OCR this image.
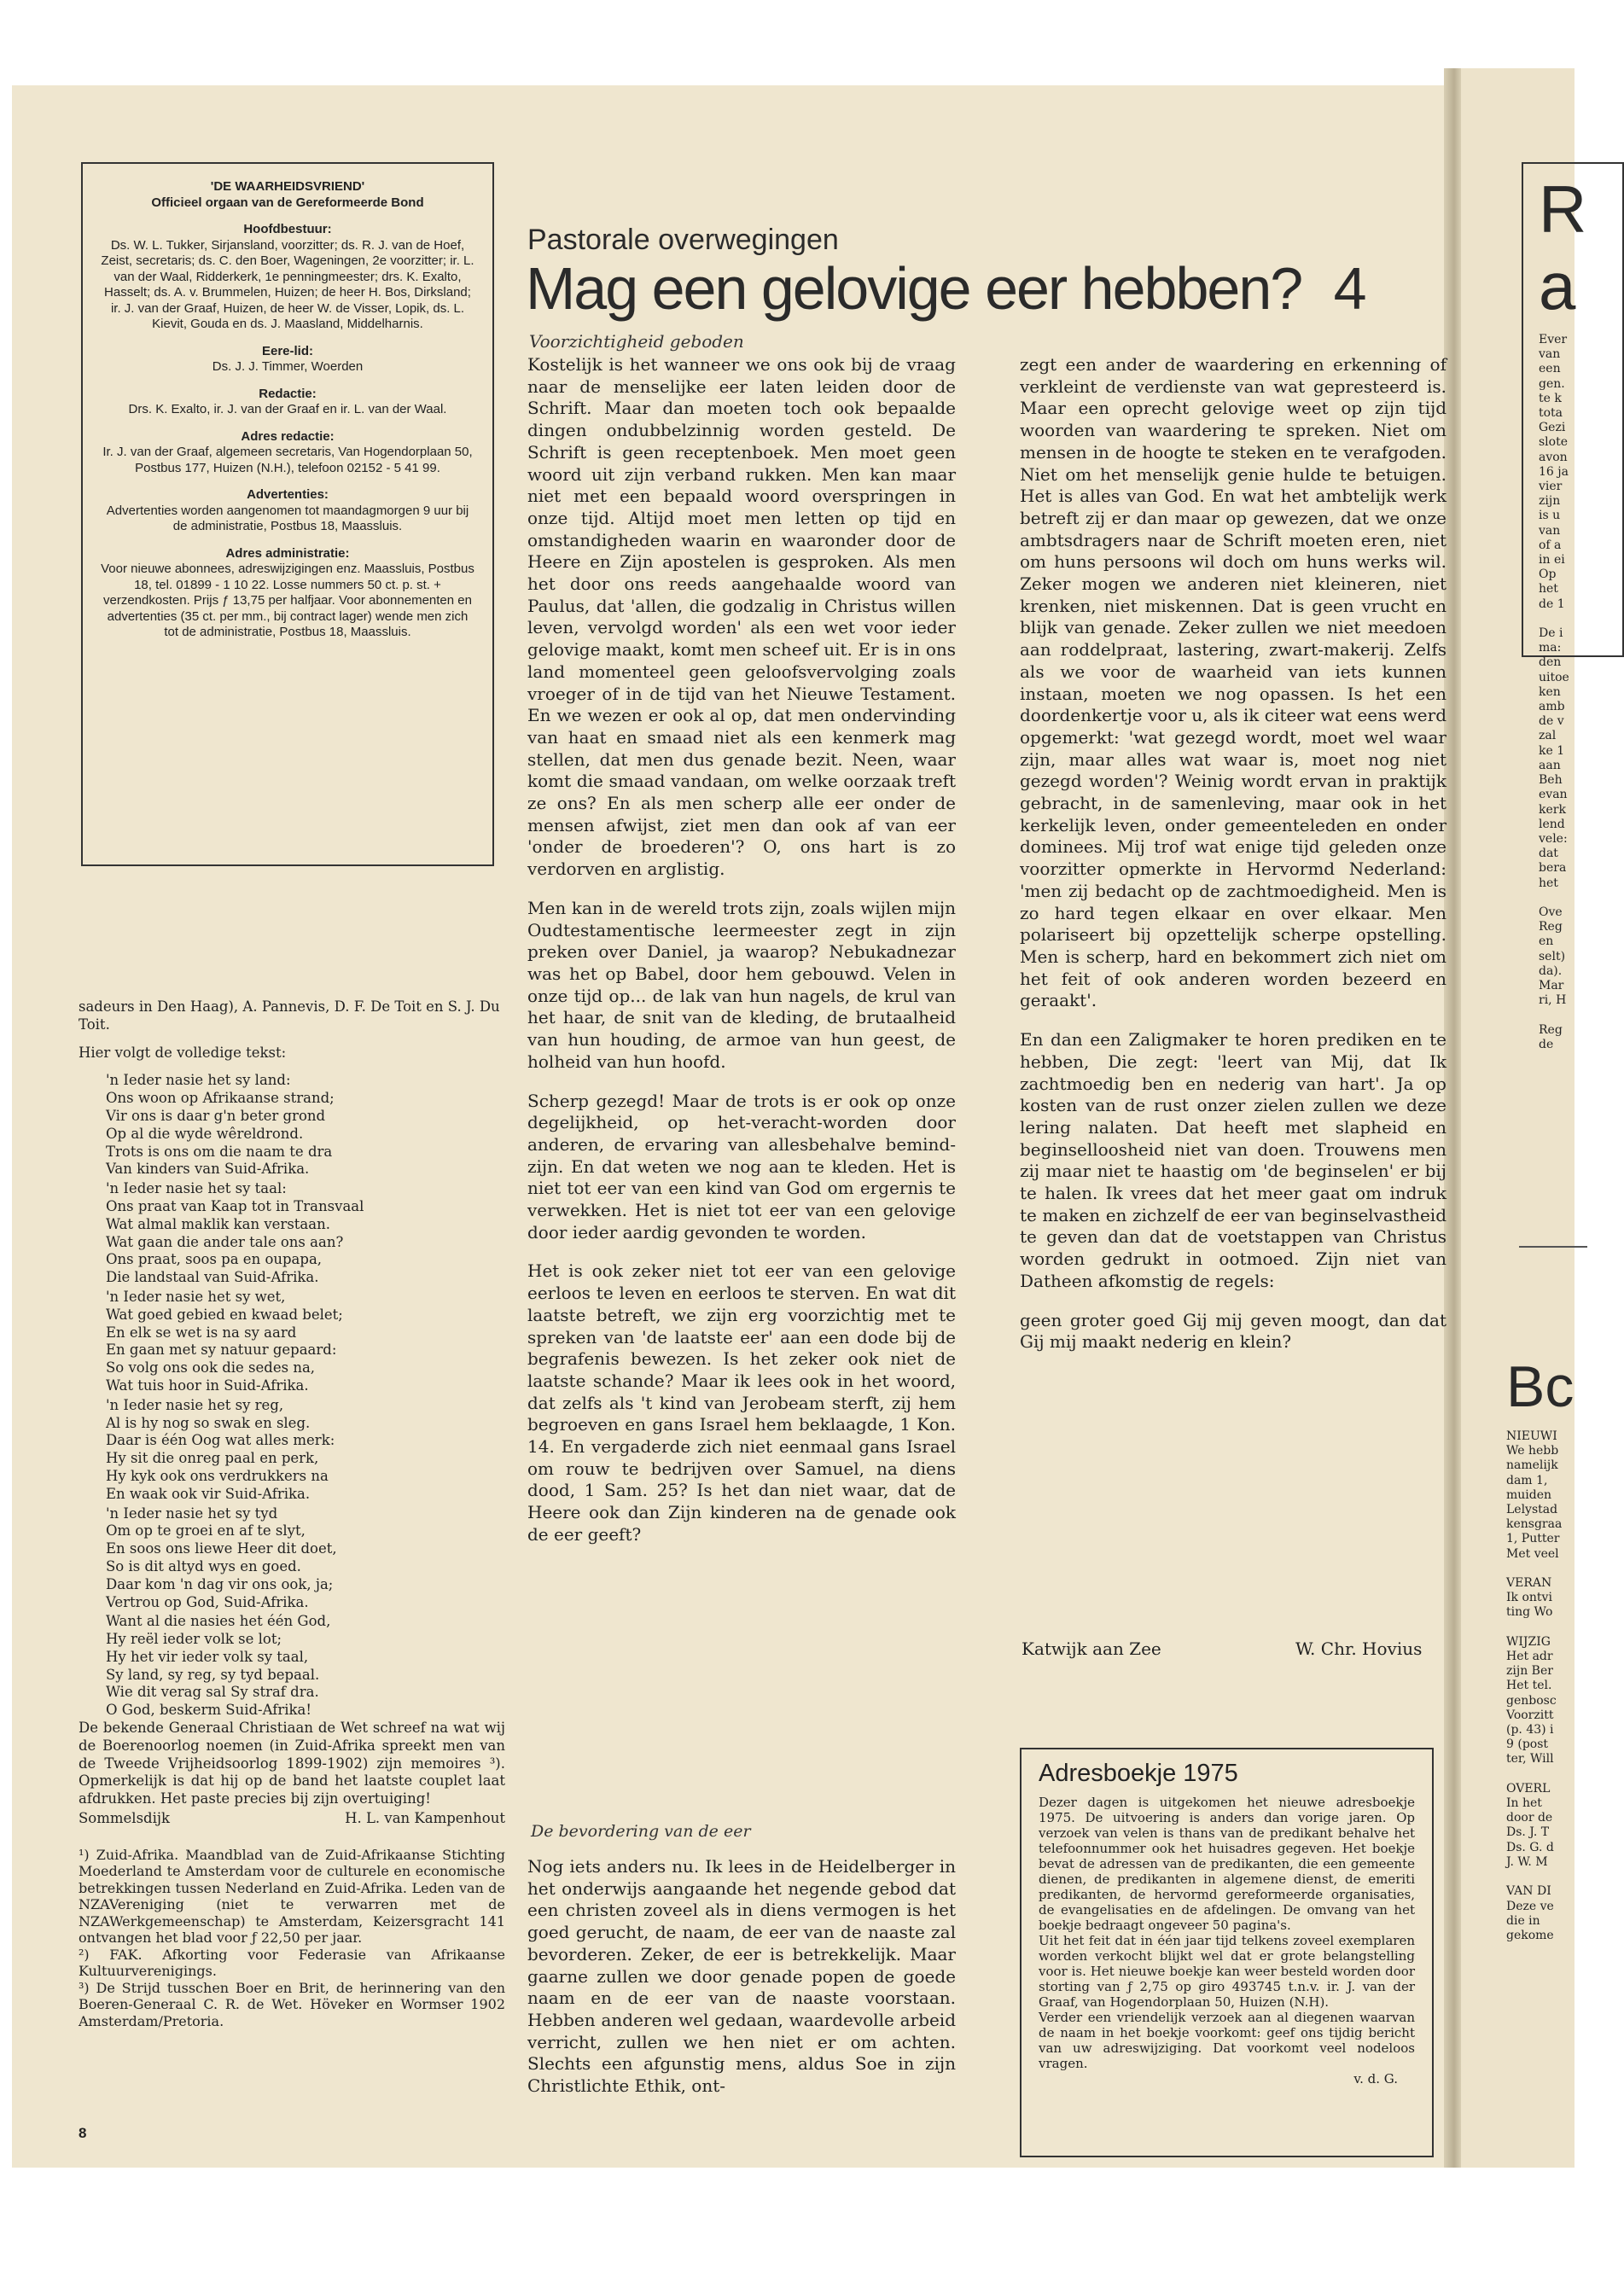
'DE WAARHEIDSVRIEND'

Officieel orgaan van de Gereformeerde Bond

Hoofdbestuur:

Ds. W. L. Tukker, Sirjansland, voorzitter; ds. R. J. van de Hoef, Zeist, secretaris; ds. C. den Boer, Wageningen, 2e voorzitter; ir. L. van der Waal, Ridderkerk, 1e penningmeester; drs. K. Exalto, Hasselt; ds. A. v. Brummelen, Huizen; de heer H. Bos, Dirksland; ir. J. van der Graaf, Huizen, de heer W. de Visser, Lopik, ds. L. Kievit, Gouda en ds. J. Maasland, Middelharnis.

Eere-lid:

Ds. J. J. Timmer, Woerden

Redactie:

Drs. K. Exalto, ir. J. van der Graaf en ir. L. van der Waal.

Adres redactie:

Ir. J. van der Graaf, algemeen secretaris, Van Hogendorplaan 50, Postbus 177, Huizen (N.H.), telefoon 02152 - 5 41 99.

Advertenties:

Advertenties worden aangenomen tot maandagmorgen 9 uur bij de administratie, Postbus 18, Maassluis.

Adres administratie:

Voor nieuwe abonnees, adreswijzigingen enz. Maassluis, Postbus 18, tel. 01899 - 1 10 22. Losse nummers 50 ct. p. st. + verzendkosten. Prijs ƒ 13,75 per halfjaar. Voor abonnementen en advertenties (35 ct. per mm., bij contract lager) wende men zich tot de administratie, Postbus 18, Maassluis.

sadeurs in Den Haag), A. Pannevis, D. F. De Toit en S. J. Du Toit.

Hier volgt de volledige tekst:

'n Ieder nasie het sy land:
Ons woon op Afrikaanse strand;
Vir ons is daar g'n beter grond
Op al die wyde wêreldrond.
Trots is ons om die naam te dra
Van kinders van Suid-Afrika.

'n Ieder nasie het sy taal:
Ons praat van Kaap tot in Transvaal
Wat almal maklik kan verstaan.
Wat gaan die ander tale ons aan?
Ons praat, soos pa en oupapa,
Die landstaal van Suid-Afrika.

'n Ieder nasie het sy wet,
Wat goed gebied en kwaad belet;
En elk se wet is na sy aard
En gaan met sy natuur gepaard:
So volg ons ook die sedes na,
Wat tuis hoor in Suid-Afrika.

'n Ieder nasie het sy reg,
Al is hy nog so swak en sleg.
Daar is één Oog wat alles merk:
Hy sit die onreg paal en perk,
Hy kyk ook ons verdrukkers na
En waak ook vir Suid-Afrika.

'n Ieder nasie het sy tyd
Om op te groei en af te slyt,
En soos ons liewe Heer dit doet,
So is dit altyd wys en goed.
Daar kom 'n dag vir ons ook, ja;
Vertrou op God, Suid-Afrika.

Want al die nasies het één God,
Hy reël ieder volk se lot;
Hy het vir ieder volk sy taal,
Sy land, sy reg, sy tyd bepaal.
Wie dit verag sal Sy straf dra.
O God, beskerm Suid-Afrika!

De bekende Generaal Christiaan de Wet schreef na wat wij de Boerenoorlog noemen (in Zuid-Afrika spreekt men van de Tweede Vrijheidsoorlog 1899-1902) zijn memoires ³). Opmerkelijk is dat hij op de band het laatste couplet laat afdrukken. Het paste precies bij zijn overtuiging!

Sommelsdijk	H. L. van Kampenhout

¹) Zuid-Afrika. Maandblad van de Zuid-Afrikaanse Stichting Moederland te Amsterdam voor de culturele en economische betrekkingen tussen Nederland en Zuid-Afrika. Leden van de NZAVereniging (niet te verwarren met de NZAWerkgemeenschap) te Amsterdam, Keizersgracht 141 ontvangen het blad voor ƒ 22,50 per jaar.

²) FAK. Afkorting voor Federasie van Afrikaanse Kultuurverenigings.

³) De Strijd tusschen Boer en Brit, de herinnering van den Boeren-Generaal C. R. de Wet. Höveker en Wormser 1902 Amsterdam/Pretoria.

8
Pastorale overwegingen
Mag een gelovige eer hebben? 4
Voorzichtigheid geboden

Kostelijk is het wanneer we ons ook bij de vraag naar de menselijke eer laten leiden door de Schrift. Maar dan moeten toch ook bepaalde dingen ondubbelzinnig worden gesteld. De Schrift is geen receptenboek. Men moet geen woord uit zijn verband rukken. Men kan maar niet met een bepaald woord overspringen in onze tijd. Altijd moet men letten op tijd en omstandigheden waarin en waaronder door de Heere en Zijn apostelen is gesproken. Als men het door ons reeds aangehaalde woord van Paulus, dat 'allen, die godzalig in Christus willen leven, vervolgd worden' als een wet voor ieder gelovige maakt, komt men scheef uit. Er is in ons land momenteel geen geloofsvervolging zoals vroeger of in de tijd van het Nieuwe Testament. En we wezen er ook al op, dat men ondervinding van haat en smaad niet als een kenmerk mag stellen, dat men dus genade bezit. Neen, waar komt die smaad vandaan, om welke oorzaak treft ze ons? En als men scherp alle eer onder de mensen afwijst, ziet men dan ook af van eer 'onder de broederen'? O, ons hart is zo verdorven en arglistig.

Men kan in de wereld trots zijn, zoals wijlen mijn Oudtestamentische leermeester zegt in zijn preken over Daniel, ja waarop? Nebukadnezar was het op Babel, door hem gebouwd. Velen in onze tijd op... de lak van hun nagels, de krul van het haar, de snit van de kleding, de brutaalheid van hun houding, de armoe van hun geest, de holheid van hun hoofd.

Scherp gezegd! Maar de trots is er ook op onze degelijkheid, op het-veracht-worden door anderen, de ervaring van allesbehalve bemind-zijn. En dat weten we nog aan te kleden. Het is niet tot eer van een kind van God om ergernis te verwekken. Het is niet tot eer van een gelovige door ieder aardig gevonden te worden.

Het is ook zeker niet tot eer van een gelovige eerloos te leven en eerloos te sterven. En wat dit laatste betreft, we zijn erg voorzichtig met te spreken van 'de laatste eer' aan een dode bij de begrafenis bewezen. Is het zeker ook niet de laatste schande? Maar ik lees ook in het woord, dat zelfs als 't kind van Jerobeam sterft, zij hem begroeven en gans Israel hem beklaagde, 1 Kon. 14. En vergaderde zich niet eenmaal gans Israel om rouw te bedrijven over Samuel, na diens dood, 1 Sam. 25? Is het dan niet waar, dat de Heere ook dan Zijn kinderen na de genade ook de eer geeft?

De bevordering van de eer

Nog iets anders nu. Ik lees in de Heidelberger in het onderwijs aangaande het negende gebod dat een christen zoveel als in diens vermogen is het goed gerucht, de naam, de eer van de naaste zal bevorderen. Zeker, de eer is betrekkelijk. Maar gaarne zullen we door genade popen de goede naam en de eer van de naaste voorstaan. Hebben anderen wel gedaan, waardevolle arbeid verricht, zullen we hen niet er om achten. Slechts een afgunstig mens, aldus Soe in zijn Christlichte Ethik, ont-

zegt een ander de waardering en erkenning of verkleint de verdienste van wat gepresteerd is. Maar een oprecht gelovige weet op zijn tijd woorden van waardering te spreken. Niet om mensen in de hoogte te steken en te verafgoden. Niet om het menselijk genie hulde te betuigen. Het is alles van God. En wat het ambtelijk werk betreft zij er dan maar op gewezen, dat we onze ambtsdragers naar de Schrift moeten eren, niet om huns persoons wil doch om huns werks wil. Zeker mogen we anderen niet kleineren, niet krenken, niet miskennen. Dat is geen vrucht en blijk van genade. Zeker zullen we niet meedoen aan roddelpraat, lastering, zwart-makerij. Zelfs als we voor de waarheid van iets kunnen instaan, moeten we nog opassen. Is het een doordenkertje voor u, als ik citeer wat eens werd opgemerkt: 'wat gezegd wordt, moet wel waar zijn, maar alles wat waar is, moet nog niet gezegd worden'? Weinig wordt ervan in praktijk gebracht, in de samenleving, maar ook in het kerkelijk leven, onder gemeenteleden en onder dominees. Mij trof wat enige tijd geleden onze voorzitter opmerkte in Hervormd Nederland: 'men zij bedacht op de zachtmoedigheid. Men is zo hard tegen elkaar en over elkaar. Men polariseert bij opzettelijk scherpe opstelling. Men is scherp, hard en bekommert zich niet om het feit of ook anderen worden bezeerd en geraakt'.

En dan een Zaligmaker te horen prediken en te hebben, Die zegt: 'leert van Mij, dat Ik zachtmoedig ben en nederig van hart'. Ja op kosten van de rust onzer zielen zullen we deze lering nalaten. Dat heeft met slapheid en beginselloosheid niet van doen. Trouwens men zij maar niet te haastig om 'de beginselen' er bij te halen. Ik vrees dat het meer gaat om indruk te maken en zichzelf de eer van beginselvastheid te geven dan dat de voetstappen van Christus worden gedrukt in ootmoed. Zijn niet van Datheen afkomstig de regels:

geen groter goed Gij mij geven moogt, dan dat Gij mij maakt nederig en klein?

Katwijk aan Zee	W. Chr. Hovius
Adresboekje 1975

Dezer dagen is uitgekomen het nieuwe adresboekje 1975. De uitvoering is anders dan vorige jaren. Op verzoek van velen is thans van de predikant behalve het telefoonnummer ook het huisadres gegeven. Het boekje bevat de adressen van de predikanten, die een gemeente dienen, de predikanten in algemene dienst, de emeriti predikanten, de hervormd gereformeerde organisaties, de evangelisaties en de afdelingen. De omvang van het boekje bedraagt ongeveer 50 pagina's.

Uit het feit dat in één jaar tijd telkens zoveel exemplaren worden verkocht blijkt wel dat er grote belangstelling voor is. Het nieuwe boekje kan weer besteld worden door storting van ƒ 2,75 op giro 493745 t.n.v. ir. J. van der Graaf, van Hogendorplaan 50, Huizen (N.H).

Verder een vriendelijk verzoek aan al diegenen waarvan de naam in het boekje voorkomt: geef ons tijdig bericht van uw adreswijziging. Dat voorkomt veel nodeloos vragen.

v. d. G.

R
a
Ever
van
een
gen.
te k
tota
Gezi
slote
avon
16 ja
vier
zijn
is u
van
of a
in ei
Op
het
de 1

De i
ma:
den
uitoe
ken
amb
de v
zal
ke 1
aan
Beh
evan
kerk
lend
vele:
dat
bera
het

Ove
Reg
en
selt)
da).
Mar
ri, H

Reg
de
Bc
NIEUWI
We hebb
namelijk
dam 1,
muiden
Lelystad
kensgraa
1, Putter
Met veel

VERAN
Ik ontvi
ting Wo

WIJZIG
Het adr
zijn Ber
Het tel.
genbosc
Voorzitt
(p. 43) i
9 (post
ter, Will

OVERL
In het
door de
Ds. J. T
Ds. G. d
J. W. M

VAN DI
Deze ve
die in
gekome
